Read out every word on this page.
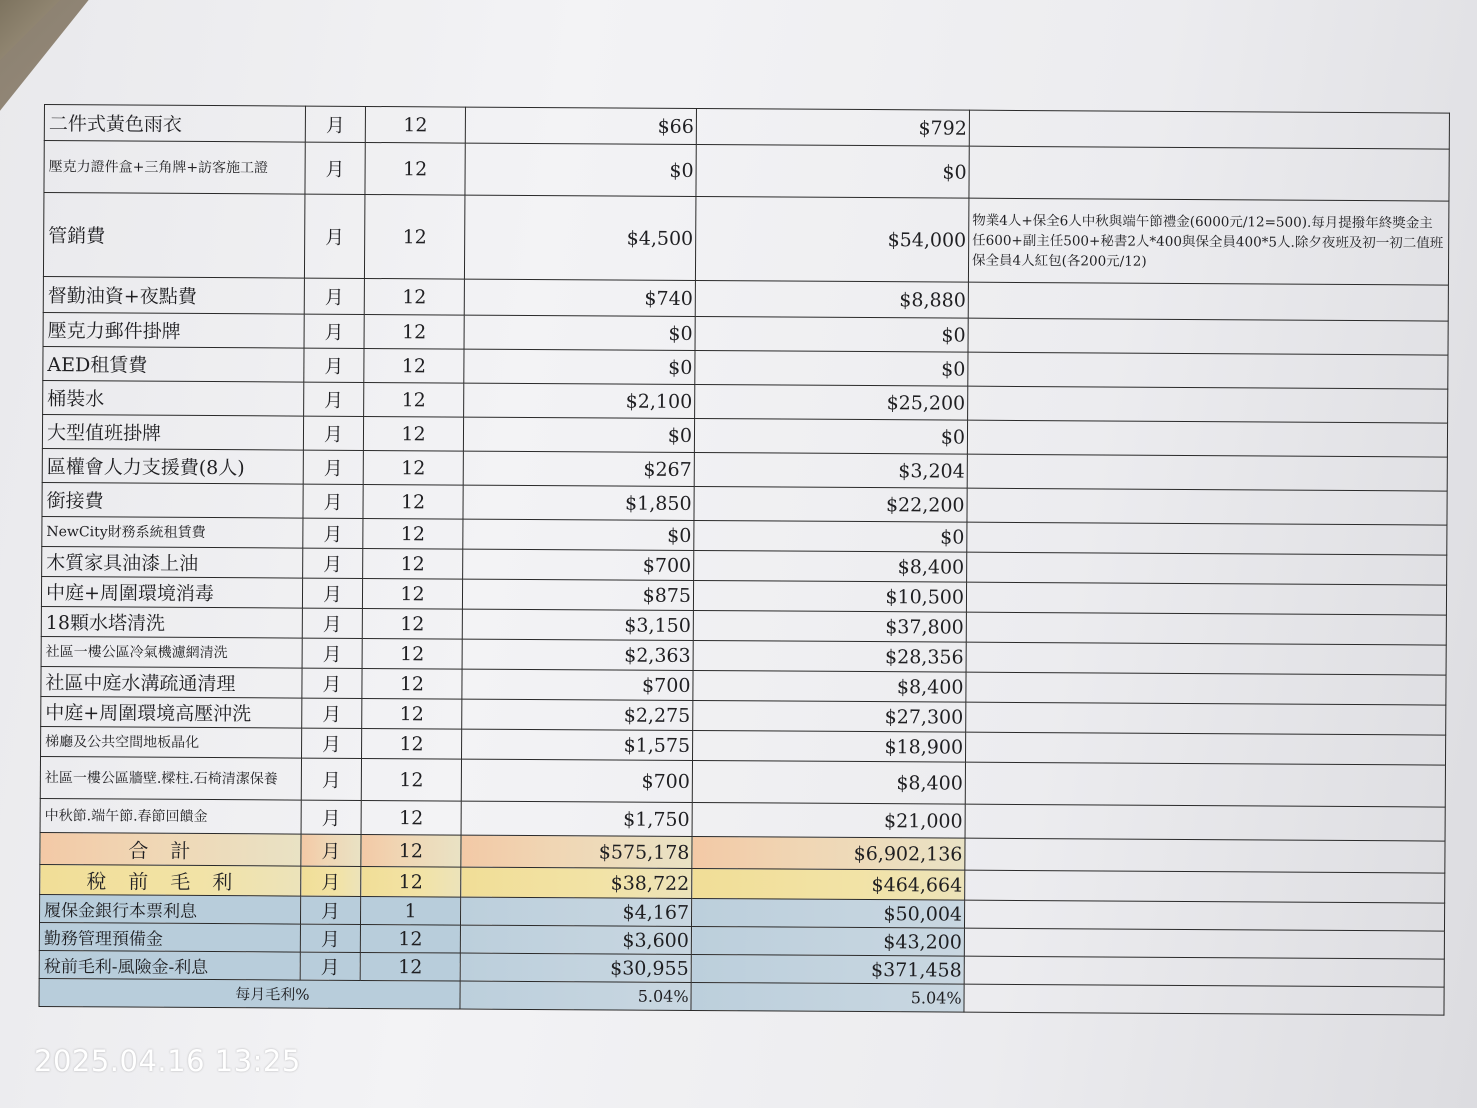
二件式黃色雨衣	月	12	$66	$792	
壓克力證件盒+三角牌+訪客施工證	月	12	$0	$0	
管銷費	月	12	$4,500	$54,000	物業4人+保全6人中秋與端午節禮金(6000元/12=500).每月提撥年終獎金主任600+副主任500+秘書2人*400與保全員400*5人.除夕夜班及初一初二值班保全員4人紅包(各200元/12)
督勤油資+夜點費	月	12	$740	$8,880	
壓克力郵件掛牌	月	12	$0	$0	
AED租賃費	月	12	$0	$0	
桶裝水	月	12	$2,100	$25,200	
大型值班掛牌	月	12	$0	$0	
區權會人力支援費(8人)	月	12	$267	$3,204	
銜接費	月	12	$1,850	$22,200	
NewCity財務系統租賃費	月	12	$0	$0	
木質家具油漆上油	月	12	$700	$8,400	
中庭+周圍環境消毒	月	12	$875	$10,500	
18顆水塔清洗	月	12	$3,150	$37,800	
社區一樓公區冷氣機濾網清洗	月	12	$2,363	$28,356	
社區中庭水溝疏通清理	月	12	$700	$8,400	
中庭+周圍環境高壓沖洗	月	12	$2,275	$27,300	
梯廳及公共空間地板晶化	月	12	$1,575	$18,900	
社區一樓公區牆壁.樑柱.石椅清潔保養	月	12	$700	$8,400	
中秋節.端午節.春節回饋金	月	12	$1,750	$21,000	
合計	月	12	$575,178	$6,902,136	
稅前毛利	月	12	$38,722	$464,664	
履保金銀行本票利息	月	1	$4,167	$50,004	
勤務管理預備金	月	12	$3,600	$43,200	
稅前毛利-風險金-利息	月	12	$30,955	$371,458	
每月毛利%			5.04%	5.04%	
2025.04.16 13:25
